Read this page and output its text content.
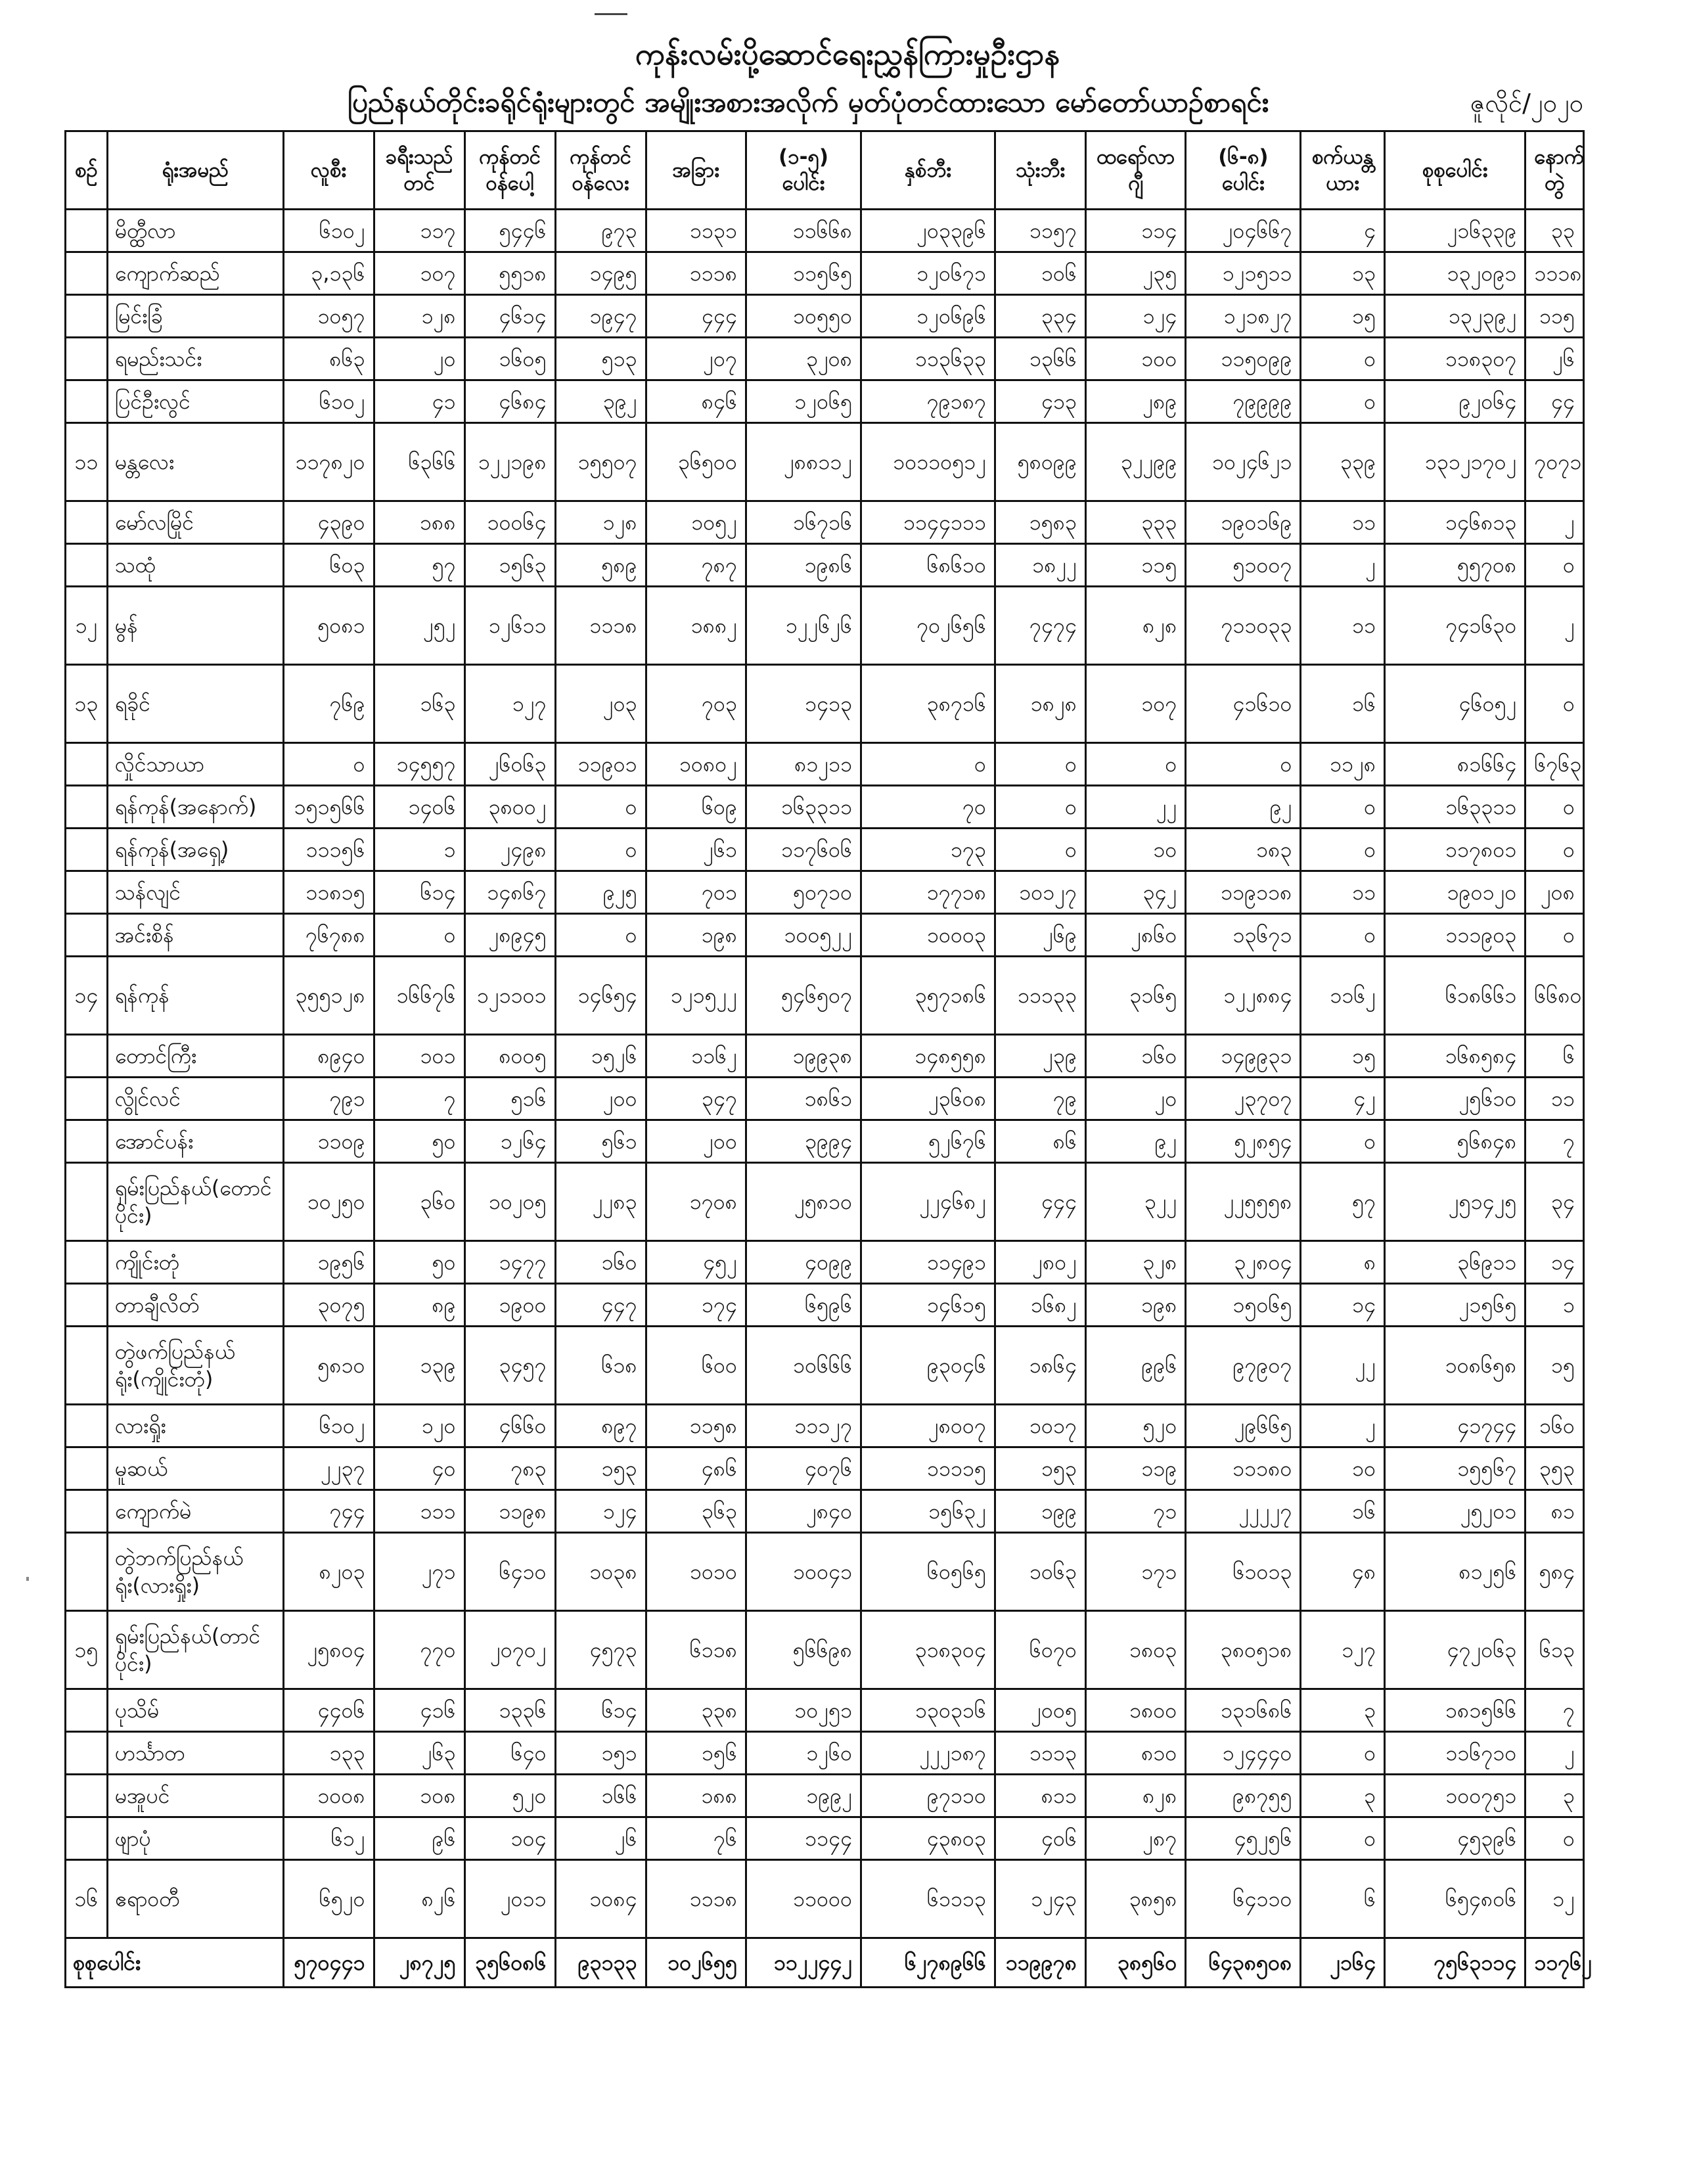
ကုန်းလမ်းပို့ဆောင်ရေးညွှန်ကြားမှုဦးဌာန
ပြည်နယ်တိုင်းခရိုင်ရုံးများတွင် အမျိုးအစားအလိုက် မှတ်ပုံတင်ထားသော မော်တော်ယာဉ်စာရင်း	ဇူလိုင်/၂၀၂၀
စဉ်	ရုံးအမည်	လူစီး	ခရီးသည်တင်	ကုန်တင်ဝန်ပေါ့	ကုန်တင်ဝန်လေး	အခြား	(၁-၅) ပေါင်း	နှစ်ဘီး	သုံးဘီး	ထရော်လာဂျီ	(၆-၈) ပေါင်း	စက်ယန္တယား	စုစုပေါင်း	နောက်တွဲ
	မိတ္ထီလာ	၆၁၀၂	၁၁၇	၅၄၄၆	၉၇၃	၁၁၃၁	၁၁၆၆၈	၂၀၃၃၉၆	၁၁၅၇	၁၁၄	၂၀၄၆၆၇	၄	၂၁၆၃၃၉	၃၃
	ကျောက်ဆည်	၃,၁၃၆	၁၀၇	၅၅၁၈	၁၄၉၅	၁၁၁၈	၁၁၅၆၅	၁၂၀၆၇၁	၁၀၆	၂၃၅	၁၂၁၅၁၁	၁၃	၁၃၂၀၉၁	၁၁၁၈
	မြင်းခြံ	၁၀၅၇	၁၂၈	၄၆၁၄	၁၉၄၇	၄၄၄	၁၀၅၅၀	၁၂၀၆၉၆	၃၃၄	၁၂၄	၁၂၁၈၂၇	၁၅	၁၃၂၃၉၂	၁၁၅
	ရမည်းသင်း	၈၆၃	၂၀	၁၆၀၅	၅၁၃	၂၀၇	၃၂၀၈	၁၁၃၆၃၃	၁၃၆၆	၁၀၀	၁၁၅၀၉၉	၀	၁၁၈၃၀၇	၂၆
	ပြင်ဦးလွင်	၆၁၀၂	၄၁	၄၆၈၄	၃၉၂	၈၄၆	၁၂၀၆၅	၇၉၁၈၇	၄၁၃	၂၈၉	၇၉၉၉၉	၀	၉၂၀၆၄	၄၄
၁၁	မန္တလေး	၁၁၇၈၂၀	၆၃၆၆	၁၂၂၁၉၈	၁၅၅၀၇	၃၆၅၀၀	၂၈၈၁၁၂	၁၀၁၁၀၅၁၂	၅၈၀၉၉	၃၂၂၉၉	၁၀၂၄၆၂၁	၃၃၉	၁၃၁၂၁၇၀၂	၇၀၇၁
	မော်လမြိုင်	၄၃၉၀	၁၈၈	၁၀၀၆၄	၁၂၈	၁၀၅၂	၁၆၇၁၆	၁၁၄၄၁၁၁	၁၅၈၃	၃၃၃	၁၉၀၁၆၉	၁၁	၁၄၆၈၁၃	၂
	သထုံ	၆၀၃	၅၇	၁၅၆၃	၅၈၉	၇၈၇	၁၉၈၆	၆၈၆၁၀	၁၈၂၂	၁၁၅	၅၁၀၀၇	၂	၅၅၇၀၈	၀
၁၂	မွန်	၅၀၈၁	၂၅၂	၁၂၆၁၁	၁၁၁၈	၁၈၈၂	၁၂၂၆၂၆	၇၀၂၆၅၆	၇၄၇၄	၈၂၈	၇၁၁၀၃၃	၁၁	၇၄၁၆၃၀	၂
၁၃	ရခိုင်	၇၆၉	၁၆၃	၁၂၇	၂၀၃	၇၀၃	၁၄၁၃	၃၈၇၁၆	၁၈၂၈	၁၀၇	၄၁၆၁၀	၁၆	၄၆၀၅၂	၀
	လှိုင်သာယာ	၀	၁၄၅၅၇	၂၆၀၆၃	၁၁၉၀၁	၁၀၈၀၂	၈၁၂၁၁	၀	၀	၀	၀	၁၁၂၈	၈၁၆၆၄	၆၇၆၃
	ရန်ကုန်(အနောက်)	၁၅၁၅၆၆	၁၄၀၆	၃၈၀၀၂	၀	၆၀၉	၁၆၃၃၁၁	၇၀	၀	၂၂	၉၂	၀	၁၆၃၃၁၁	၀
	ရန်ကုန်(အရှေ့)	၁၁၁၅၆	၁	၂၄၉၈	၀	၂၆၁	၁၁၇၆၀၆	၁၇၃	၀	၁၀	၁၈၃	၀	၁၁၇၈၀၁	၀
	သန်လျင်	၁၁၈၁၅	၆၁၄	၁၄၈၆၇	၉၂၅	၇၀၁	၅၀၇၁၀	၁၇၇၁၈	၁၀၁၂၇	၃၄၂	၁၁၉၁၁၈	၁၁	၁၉၀၁၂၀	၂၀၈
	အင်းစိန်	၇၆၇၈၈	၀	၂၈၉၄၅	၀	၁၉၈	၁၀၀၅၂၂	၁၀၀၀၃	၂၆၉	၂၈၆၀	၁၃၆၇၁	၀	၁၁၁၉၀၃	၀
၁၄	ရန်ကုန်	၃၅၅၁၂၈	၁၆၆၇၆	၁၂၁၁၀၁	၁၄၆၅၄	၁၂၁၅၂၂	၅၄၆၅၀၇	၃၅၇၁၈၆	၁၁၁၃၃	၃၁၆၅	၁၂၂၈၈၄	၁၁၆၂	၆၁၈၆၆၁	၆၆၈၀
	တောင်ကြီး	၈၉၄၀	၁၀၁	၈၀၀၅	၁၅၂၆	၁၁၆၂	၁၉၉၃၈	၁၄၈၅၅၈	၂၃၉	၁၆၀	၁၄၉၉၃၁	၁၅	၁၆၈၅၈၄	၆
	လွိုင်လင်	၇၉၁	၇	၅၁၆	၂၀၀	၃၄၇	၁၈၆၁	၂၃၆၀၈	၇၉	၂၀	၂၃၇၀၇	၄၂	၂၅၆၁၀	၁၁
	အောင်ပန်း	၁၁၀၉	၅၀	၁၂၆၄	၅၆၁	၂၀၀	၃၉၉၄	၅၂၆၇၆	၈၆	၉၂	၅၂၈၅၄	၀	၅၆၈၄၈	၇
	ရှမ်းပြည်နယ်(တောင်ပိုင်း)	၁၀၂၅၀	၃၆၀	၁၀၂၀၅	၂၂၈၃	၁၇၀၈	၂၅၈၁၀	၂၂၄၆၈၂	၄၄၄	၃၂၂	၂၂၅၅၅၈	၅၇	၂၅၁၄၂၅	၃၄
	ကျိုင်းတုံ	၁၉၅၆	၅၀	၁၄၇၇	၁၆၀	၄၅၂	၄၀၉၉	၁၁၄၉၁	၂၈၀၂	၃၂၈	၃၂၈၀၄	၈	၃၆၉၁၁	၁၄
	တာချီလိတ်	၃၀၇၅	၈၉	၁၉၀၀	၄၄၇	၁၇၄	၆၅၉၆	၁၄၆၁၅	၁၆၈၂	၁၉၈	၁၅၀၆၅	၁၄	၂၁၅၆၅	၁
	တွဲဖက်ပြည်နယ်ရုံး(ကျိုင်းတုံ)	၅၈၁၀	၁၃၉	၃၄၅၇	၆၁၈	၆၀၀	၁၀၆၆၆	၉၃၀၄၆	၁၈၆၄	၉၉၆	၉၇၉၀၇	၂၂	၁၀၈၆၅၈	၁၅
	လားရှိုး	၆၁၀၂	၁၂၀	၄၆၆၀	၈၉၇	၁၁၅၈	၁၁၁၂၇	၂၈၀၀၇	၁၀၁၇	၅၂၀	၂၉၆၆၅	၂	၄၁၇၄၄	၁၆၀
	မူဆယ်	၂၂၃၇	၄၀	၇၈၃	၁၅၃	၄၈၆	၄၀၇၆	၁၁၁၁၅	၁၅၃	၁၁၉	၁၁၁၈၀	၁၀	၁၅၅၆၇	၃၅၃
	ကျောက်မဲ	၇၄၄	၁၁၁	၁၁၉၈	၁၂၄	၃၆၃	၂၈၄၀	၁၅၆၃၂	၁၉၉	၇၁	၂၂၂၂၇	၁၆	၂၅၂၀၁	၈၁
	တွဲဘက်ပြည်နယ်ရုံး(လားရှိုး)	၈၂၀၃	၂၇၁	၆၄၁၀	၁၀၃၈	၁၀၁၀	၁၀၀၄၁	၆၀၅၆၅	၁၀၆၃	၁၇၁	၆၁၀၁၃	၄၈	၈၁၂၅၆	၅၈၄
၁၅	ရှမ်းပြည်နယ်(တာင်ပိုင်း)	၂၅၈၀၄	၇၇၀	၂၀၇၀၂	၄၅၇၃	၆၁၁၈	၅၆၆၉၈	၃၁၈၃၀၄	၆၀၇၀	၁၈၀၃	၃၈၀၅၁၈	၁၂၇	၄၇၂၀၆၃	၆၁၃
	ပုသိမ်	၄၄၀၆	၄၁၆	၁၃၃၆	၆၁၄	၃၃၈	၁၀၂၅၁	၁၃၀၃၁၆	၂၀၀၅	၁၈၀၀	၁၃၁၆၈၆	၃	၁၈၁၅၆၆	၇
	ဟင်္သာတ	၁၃၃	၂၆၃	၆၄၀	၁၅၁	၁၅၆	၁၂၆၀	၂၂၂၁၈၇	၁၁၁၃	၈၁၀	၁၂၄၄၄၀	၀	၁၁၆၇၁၀	၂
	မအူပင်	၁၀၀၈	၁၀၈	၅၂၀	၁၆၆	၁၈၈	၁၉၉၂	၉၇၁၁၀	၈၁၁	၈၂၈	၉၈၇၅၅	၃	၁၀၀၇၅၁	၃
	ဖျာပုံ	၆၁၂	၉၆	၁၀၄	၂၆	၇၆	၁၁၄၄	၄၃၈၀၃	၄၀၆	၂၈၇	၄၅၂၅၆	၀	၄၅၃၉၆	၀
၁၆	ဧရာဝတီ	၆၅၂၀	၈၂၆	၂၀၁၁	၁၀၈၄	၁၁၁၈	၁၁၀၀၀	၆၁၁၁၃	၁၂၄၃	၃၈၅၈	၆၄၁၁၀	၆	၆၅၄၈၀၆	၁၂
စုစုပေါင်း		၅၇၀၄၄၁	၂၈၇၂၅	၃၅၆၀၈၆	၉၃၁၃၃	၁၀၂၆၅၅	၁၁၂၂၄၄၂	၆၂၇၈၉၆၆	၁၁၉၉၇၈	၃၈၅၆၀	၆၄၃၈၅၀၈	၂၁၆၄	၇၅၆၃၁၁၄	၁၁၇၆၂
